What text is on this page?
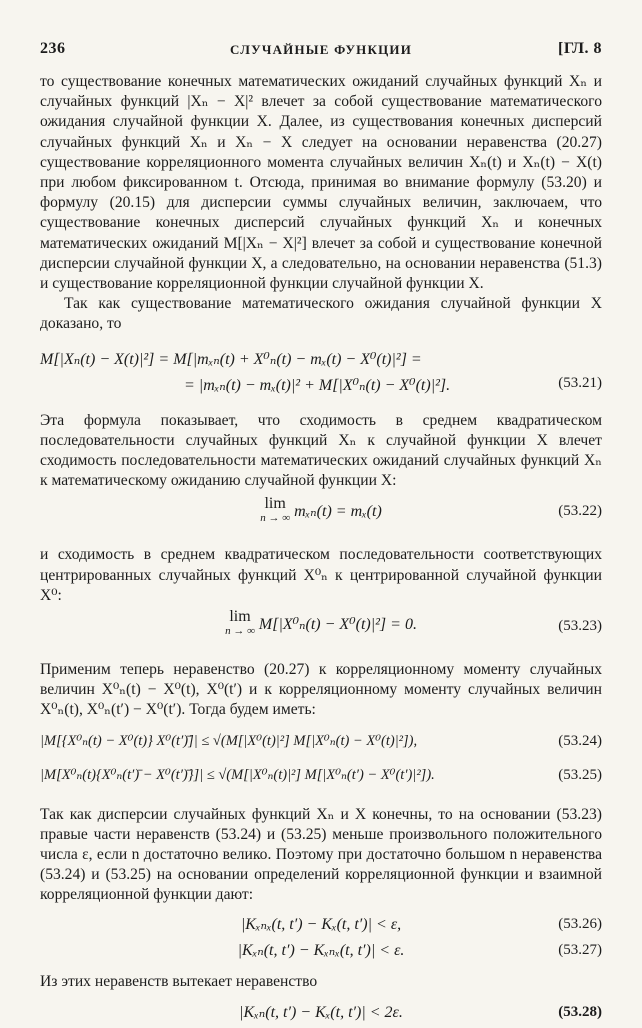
236	СЛУЧАЙНЫЕ ФУНКЦИИ	[ГЛ. 8

то существование конечных математических ожиданий случайных функций Xₙ и случайных функций |Xₙ − X|² влечет за собой существование математического ожидания случайной функции X. Далее, из существования конечных дисперсий случайных функций Xₙ и Xₙ − X следует на основании неравенства (20.27) существование корреляционного момента случайных величин Xₙ(t) и Xₙ(t) − X(t) при любом фиксированном t. Отсюда, принимая во внимание формулу (53.20) и формулу (20.15) для дисперсии суммы случайных величин, заключаем, что существование конечных дисперсий случайных функций Xₙ и конечных математических ожиданий M[|Xₙ − X|²] влечет за собой и существование конечной дисперсии случайной функции X, а следовательно, на основании неравенства (51.3) и существование корреляционной функции случайной функции X.

Так как существование математического ожидания случайной функции X доказано, то

M[|Xₙ(t) − X(t)|²] = M[|mₓₙ(t) + X⁰ₙ(t) − mₓ(t) − X⁰(t)|²] =
= |mₓₙ(t) − mₓ(t)|² + M[|X⁰ₙ(t) − X⁰(t)|²].	(53.21)

Эта формула показывает, что сходимость в среднем квадратическом последовательности случайных функций Xₙ к случайной функции X влечет сходимость последовательности математических ожиданий случайных функций Xₙ к математическому ожиданию случайной функции X:

lim
n → ∞ mₓₙ(t) = mₓ(t)	(53.22)

и сходимость в среднем квадратическом последовательности соответствующих центрированных случайных функций X⁰ₙ к центрированной случайной функции X⁰:

lim
n → ∞ M[|X⁰ₙ(t) − X⁰(t)|²] = 0.	(53.23)

Применим теперь неравенство (20.27) к корреляционному моменту случайных величин X⁰ₙ(t) − X⁰(t), X⁰(t′) и к корреляционному моменту случайных величин X⁰ₙ(t), X⁰ₙ(t′) − X⁰(t′). Тогда будем иметь:

|M[{X⁰ₙ(t) − X⁰(t)} X⁰(t′)̄]| ≤ √(M[|X⁰(t)|²] M[|X⁰ₙ(t) − X⁰(t)|²]),	(53.24)
|M[X⁰ₙ(t){X⁰ₙ(t′)̄ − X⁰(t′)̄}]| ≤ √(M[|X⁰ₙ(t)|²] M[|X⁰ₙ(t′) − X⁰(t′)|²]).	(53.25)

Так как дисперсии случайных функций Xₙ и X конечны, то на основании (53.23) правые части неравенств (53.24) и (53.25) меньше произвольного положительного числа ε, если n достаточно велико. Поэтому при достаточно большом n неравенства (53.24) и (53.25) на основании определений корреляционной функции и взаимной корреляционной функции дают:

|Kₓₙₓ(t, t′) − Kₓ(t, t′)| < ε,	(53.26)
|Kₓₙ(t, t′) − Kₓₙₓ(t, t′)| < ε.	(53.27)

Из этих неравенств вытекает неравенство

|Kₓₙ(t, t′) − Kₓ(t, t′)| < 2ε.	(53.28)
